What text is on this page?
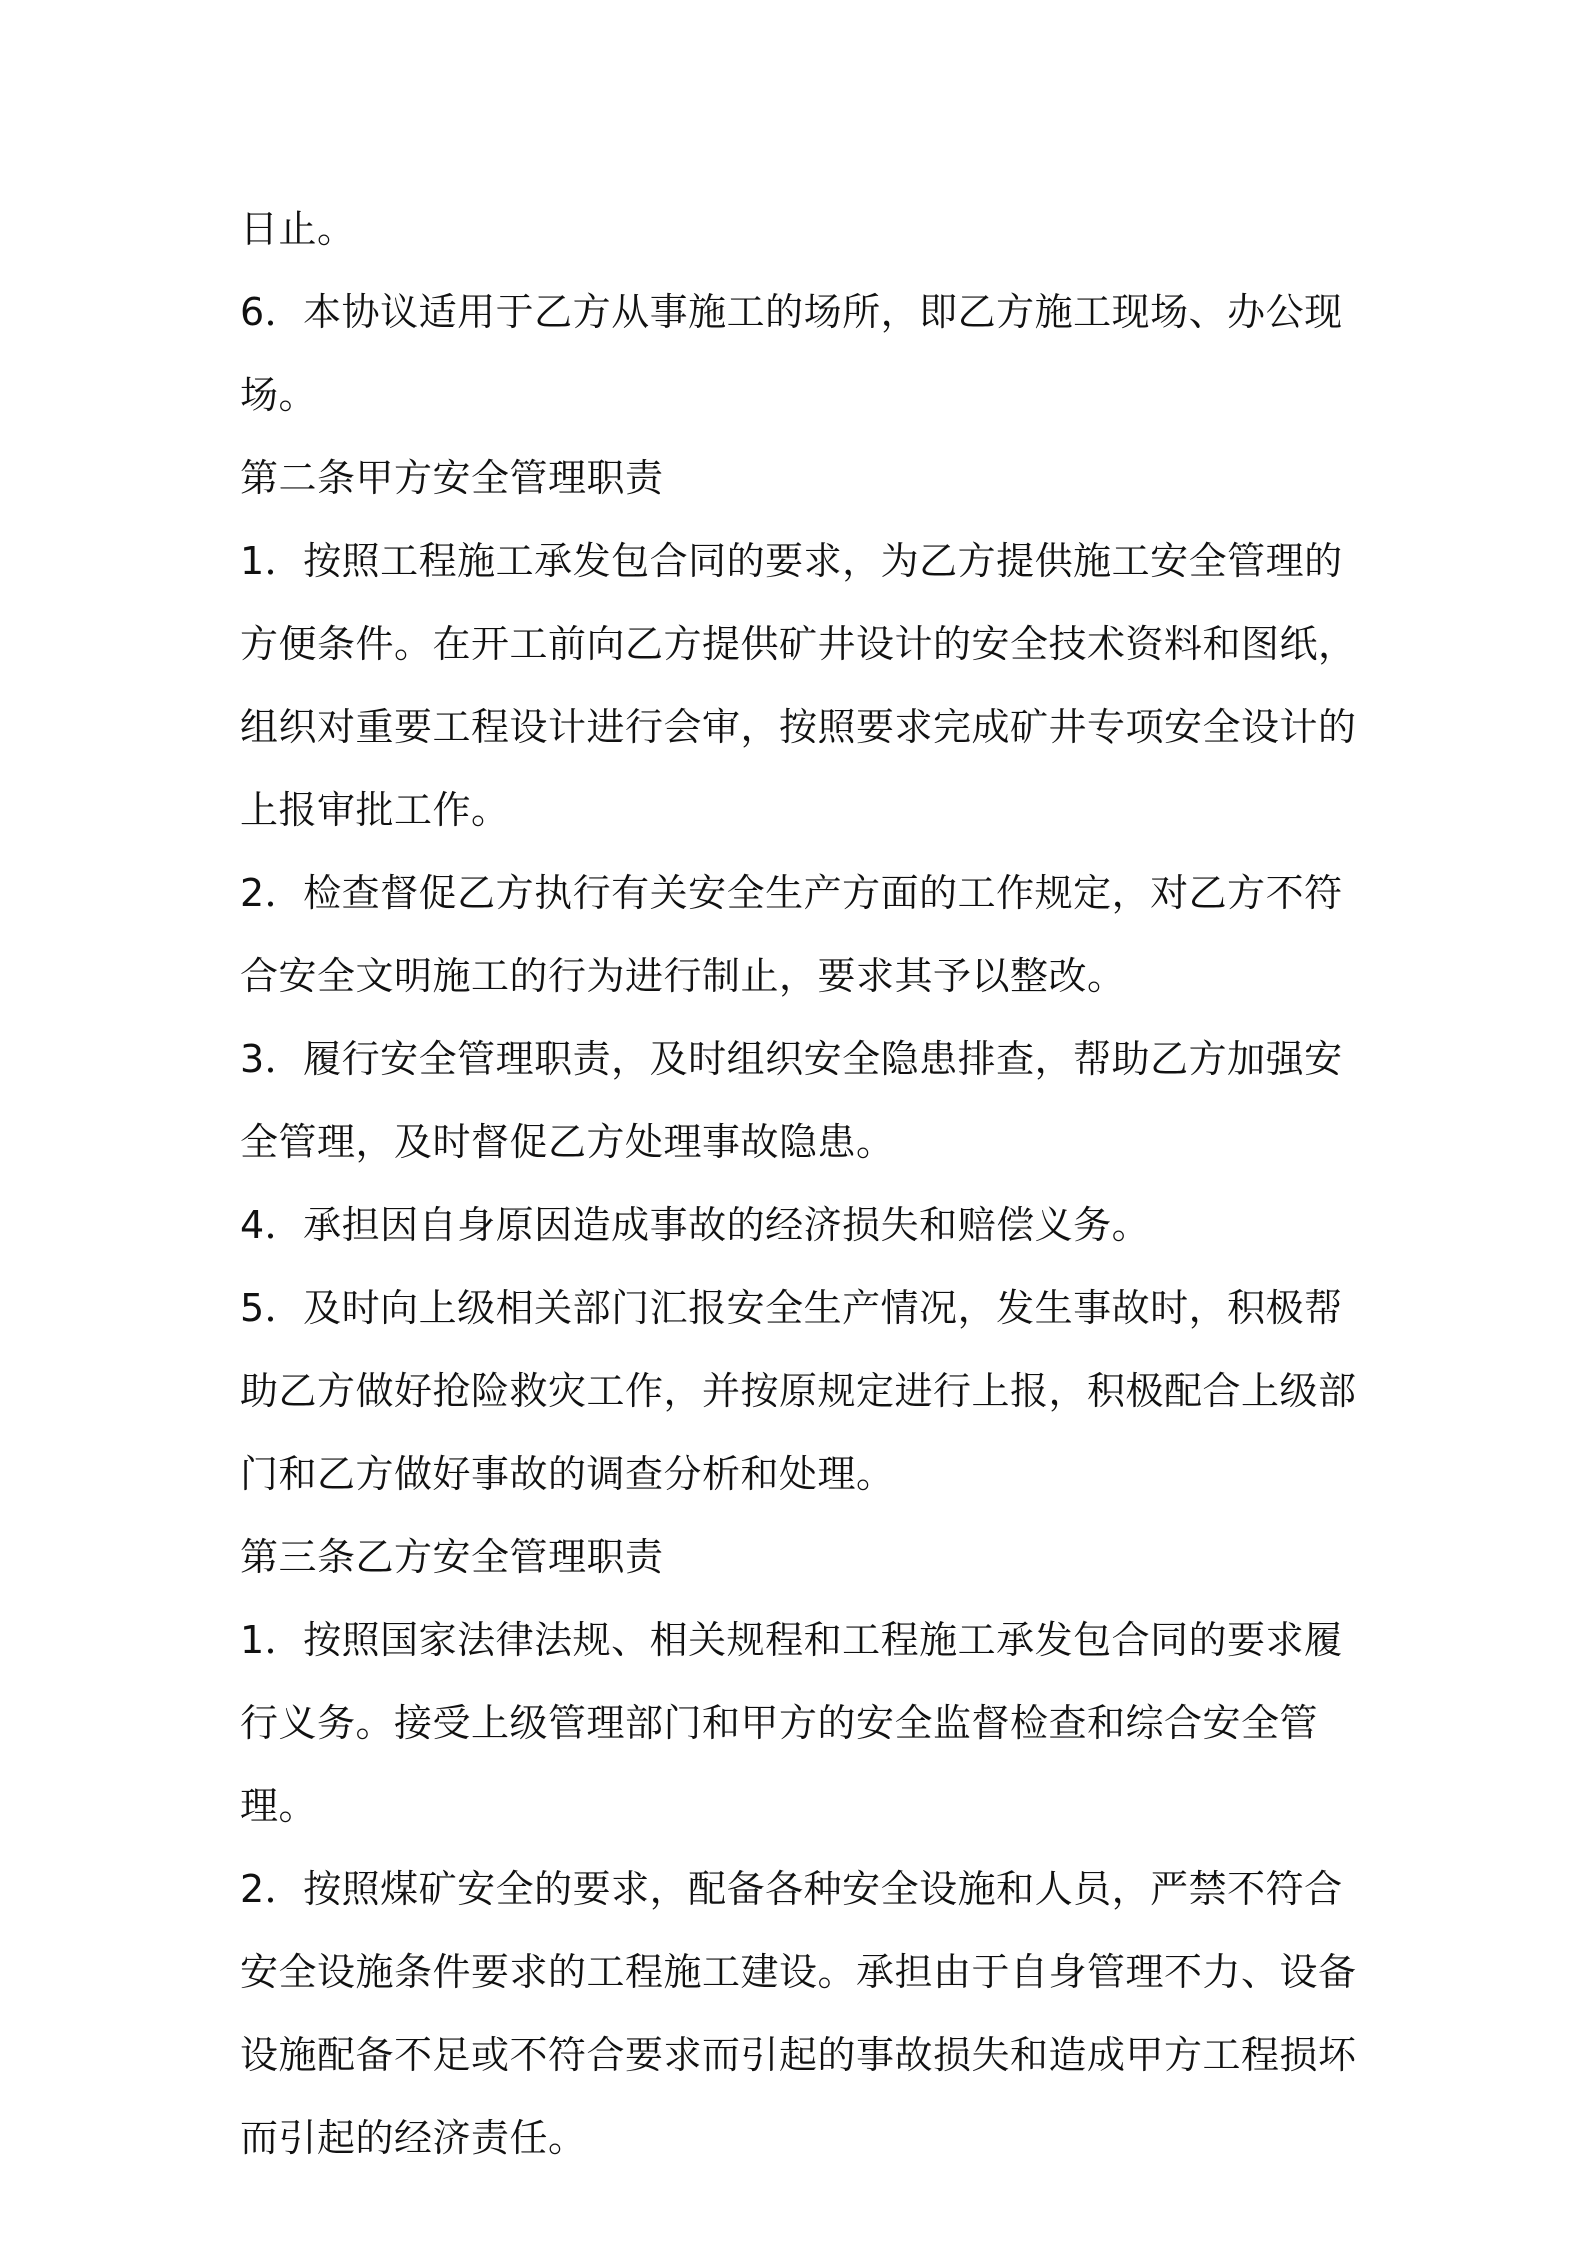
日止。

6．本协议适用于乙方从事施工的场所，即乙方施工现场、办公现场。

第二条甲方安全管理职责

1．按照工程施工承发包合同的要求，为乙方提供施工安全管理的方便条件。在开工前向乙方提供矿井设计的安全技术资料和图纸，组织对重要工程设计进行会审，按照要求完成矿井专项安全设计的上报审批工作。

2．检查督促乙方执行有关安全生产方面的工作规定，对乙方不符合安全文明施工的行为进行制止，要求其予以整改。

3．履行安全管理职责，及时组织安全隐患排查，帮助乙方加强安全管理，及时督促乙方处理事故隐患。

4．承担因自身原因造成事故的经济损失和赔偿义务。

5．及时向上级相关部门汇报安全生产情况，发生事故时，积极帮助乙方做好抢险救灾工作，并按原规定进行上报，积极配合上级部门和乙方做好事故的调查分析和处理。

第三条乙方安全管理职责

1．按照国家法律法规、相关规程和工程施工承发包合同的要求履行义务。接受上级管理部门和甲方的安全监督检查和综合安全管理。

2．按照煤矿安全的要求，配备各种安全设施和人员，严禁不符合安全设施条件要求的工程施工建设。承担由于自身管理不力、设备设施配备不足或不符合要求而引起的事故损失和造成甲方工程损坏而引起的经济责任。
